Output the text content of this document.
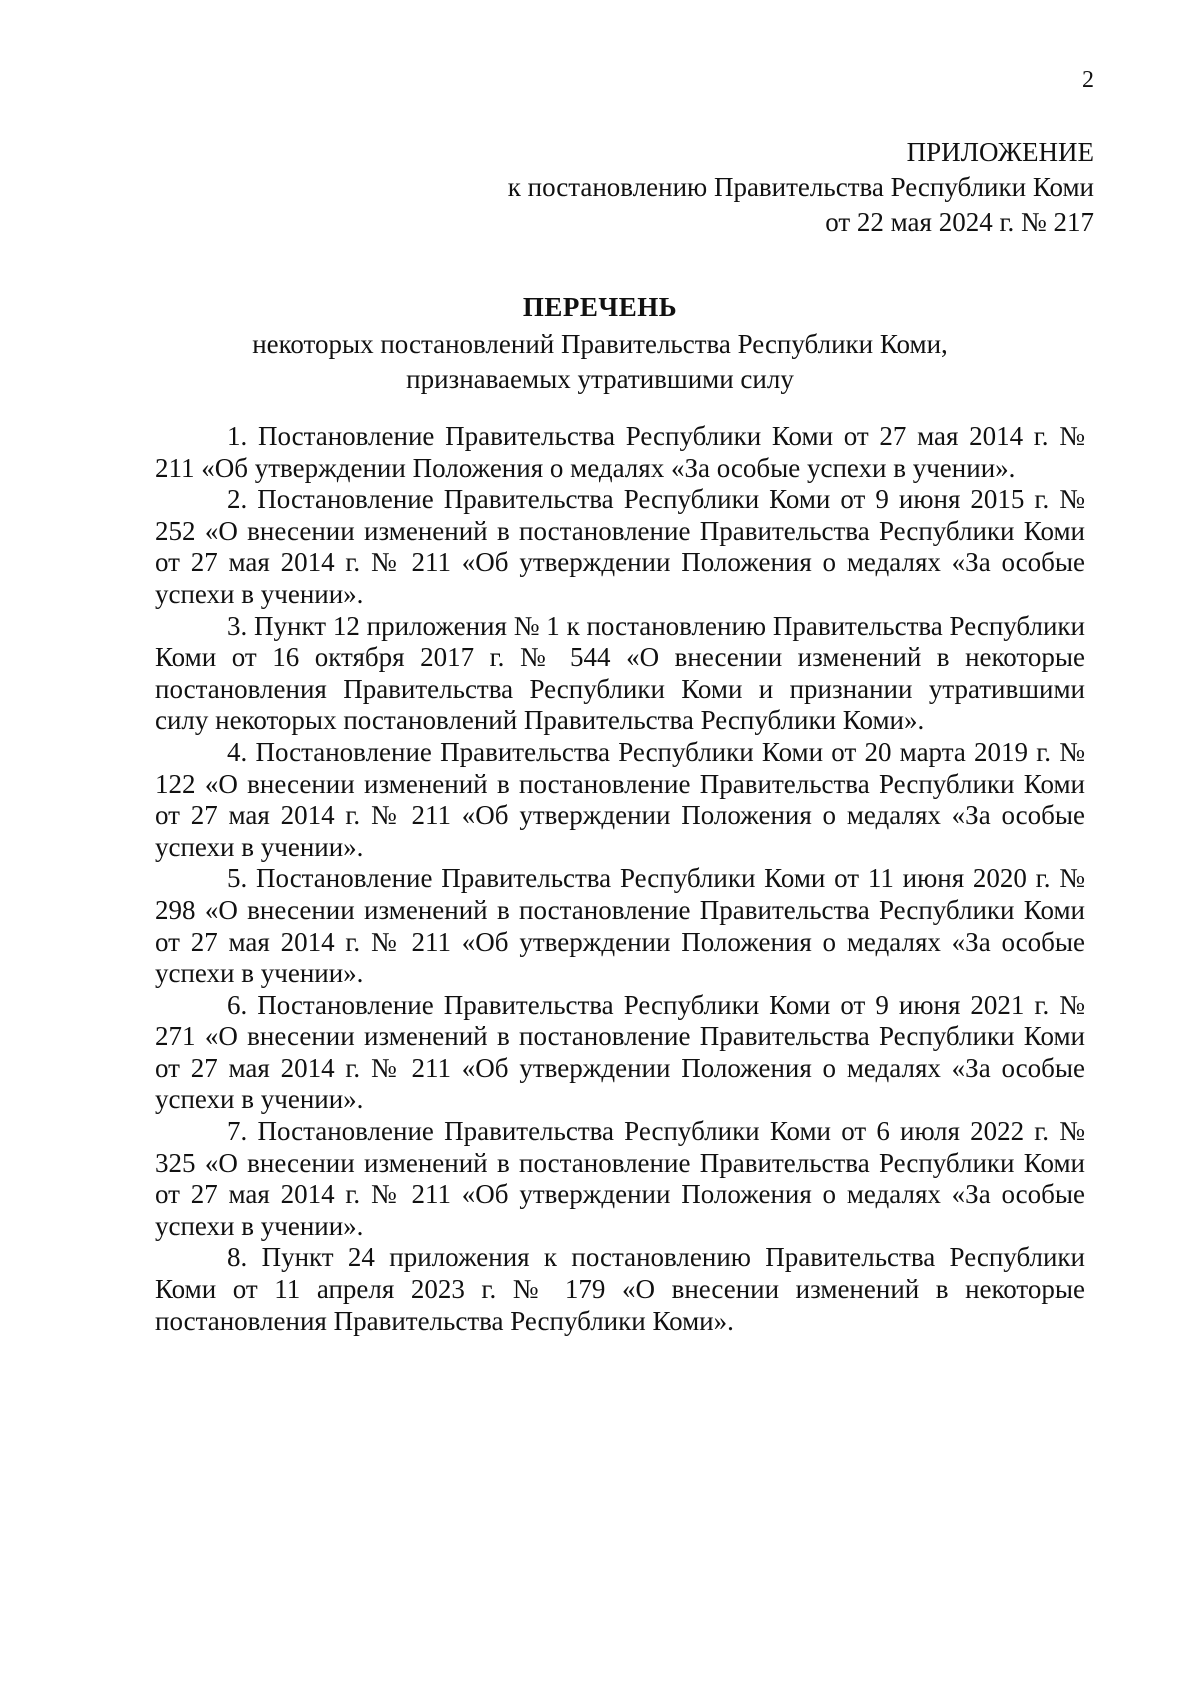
2
ПРИЛОЖЕНИЕ
к постановлению Правительства Республики Коми
от 22 мая 2024 г. № 217
ПЕРЕЧЕНЬ
некоторых постановлений Правительства Республики Коми,
признаваемых утратившими силу

1. Постановление Правительства Республики Коми от 27 мая 2014 г. № 211 «Об утверждении Положения о медалях «За особые успехи в учении».

2. Постановление Правительства Республики Коми от 9 июня 2015 г. № 252 «О внесении изменений в постановление Правительства Республики Коми от 27 мая 2014 г. № 211 «Об утверждении Положения о медалях «За особые успехи в учении».

3. Пункт 12 приложения № 1 к постановлению Правительства Республики Коми от 16 октября 2017 г. № 544 «О внесении изменений в некоторые постановления Правительства Республики Коми и признании утратившими силу некоторых постановлений Правительства Республики Коми».

4. Постановление Правительства Республики Коми от 20 марта 2019 г. № 122 «О внесении изменений в постановление Правительства Республики Коми от 27 мая 2014 г. № 211 «Об утверждении Положения о медалях «За особые успехи в учении».

5. Постановление Правительства Республики Коми от 11 июня 2020 г. № 298 «О внесении изменений в постановление Правительства Республики Коми от 27 мая 2014 г. № 211 «Об утверждении Положения о медалях «За особые успехи в учении».

6. Постановление Правительства Республики Коми от 9 июня 2021 г. № 271 «О внесении изменений в постановление Правительства Республики Коми от 27 мая 2014 г. № 211 «Об утверждении Положения о медалях «За особые успехи в учении».

7. Постановление Правительства Республики Коми от 6 июля 2022 г. № 325 «О внесении изменений в постановление Правительства Республики Коми от 27 мая 2014 г. № 211 «Об утверждении Положения о медалях «За особые успехи в учении».

8. Пункт 24 приложения к постановлению Правительства Республики Коми от 11 апреля 2023 г. № 179 «О внесении изменений в некоторые постановления Правительства Республики Коми».
